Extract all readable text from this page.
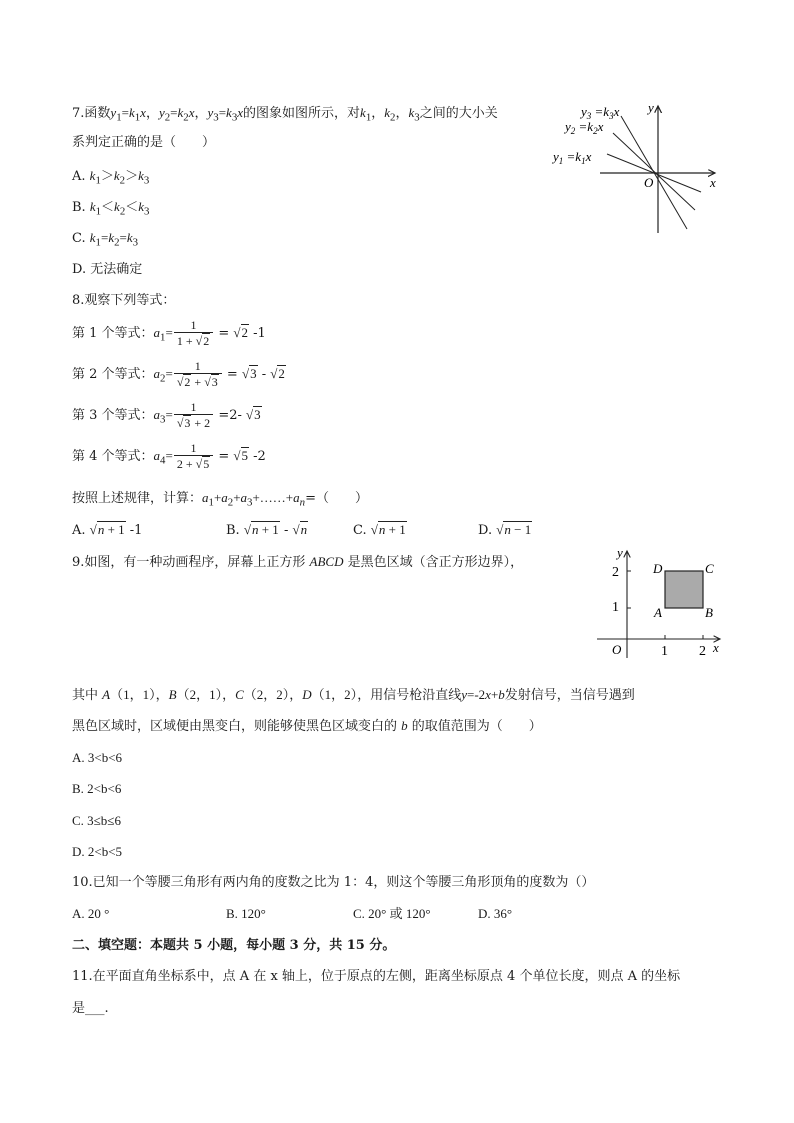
7.函数$y_1=k_1x$，$y_2=k_2x$，$y_3=k_3x$的图象如图所示，对$k_1$，$k_2$，$k_3$之间的大小关
系判定正确的是（　　）
A. $k_1>k_2>k_3$
B. $k_1<k_2<k_3$
C. $k_1=k_2=k_3$
D. 无法确定
$y_3 =k_3x$
$y_2 =k_2x$
$y_1 =k_1x$
O	x
y
8.观察下列等式：
第 1 个等式：$a_1= \frac{1}{1 + √2} = √2$ -1
第 2 个等式：$a_2= \frac{1}{√2 + √3} = √3 - √2$
第 3 个等式：$a_3= \frac{1}{√3 + 2} =2-$ √3
第 4 个等式：$a_4= \frac{1}{2 + √5} = √5$ -2
按照上述规律，计算：$a_1+a_2+a_3+\dots\dots+a_n=$（　　）
A. √n + 1 -1	B. √n + 1 - √n	C. √n + 1	D. √n − 1
9.如图，有一种动画程序，屏幕上正方形 ABCD 是黑色区域（含正方形边界），
y
2
1
O	1 2 x
D	C
A	B
其中 A（1，1），B（2，1），C（2，2），D（1，2），用信号枪沿直线y=-2x+b发射信号，当信号遇到
黑色区域时，区域便由黑变白，则能够使黑色区域变白的 b 的取值范围为（　　）
A. 3<b<6
B. 2<b<6
C. 3≤b≤6
D. 2<b<5
10.已知一个等腰三角形有两内角的度数之比为 1：4，则这个等腰三角形顶角的度数为（）
A. 20 °	B. 120°	C. 20° 或 120°	D. 36°
二、填空题：本题共 5 小题，每小题 3 分，共 15 分。
11.在平面直角坐标系中，点 A 在 x 轴上，位于原点的左侧，距离坐标原点 4 个单位长度，则点 A 的坐标
是___.
